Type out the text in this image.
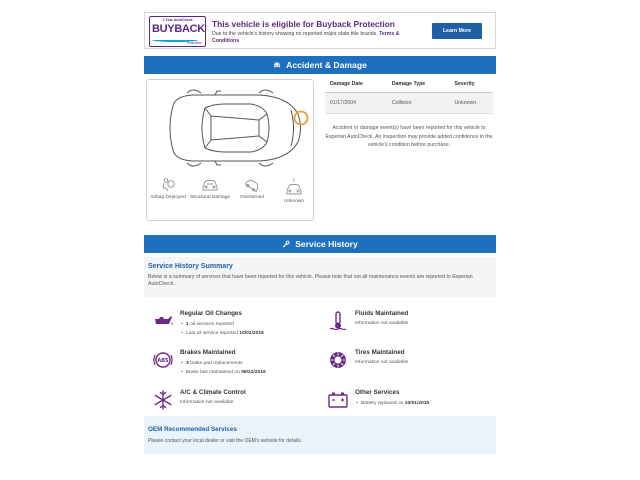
1 Year AutoCheck
BUYBACK
Protection
This vehicle is eligible for Buyback Protection
Due to the vehicle's history showing no reported major state title brands. Terms & Conditions
Learn More
Accident & Damage
Airbag Deployed Structural Damage	Overturned
?
Unknown
Damage Date	Damage Type	Severity
01/17/2004	Collision	Unknown
Accident or damage event(s) have been reported for this vehicle to Experian AutoCheck. An inspection may provide added confidence in the vehicle's condition before purchase.
Service History
Service History Summary
Below is a summary of services that have been reported for this vehicle. Please note that not all maintenance events are reported to Experian AutoCheck.
Regular Oil Changes
• 1 oil services reported
• Last oil service reported 10/01/2015
Fluids Maintained
Information not available
ABS
Brakes Maintained
• 3 brake pad replacements
• Brake last maintained on 09/22/2016
Tires Maintained
Information not available
A/C & Climate Control
Information not available
Other Services
• Battery replaced on 10/01/2015
OEM Recommended Services
Please contact your local dealer or visit the OEM's website for details.
